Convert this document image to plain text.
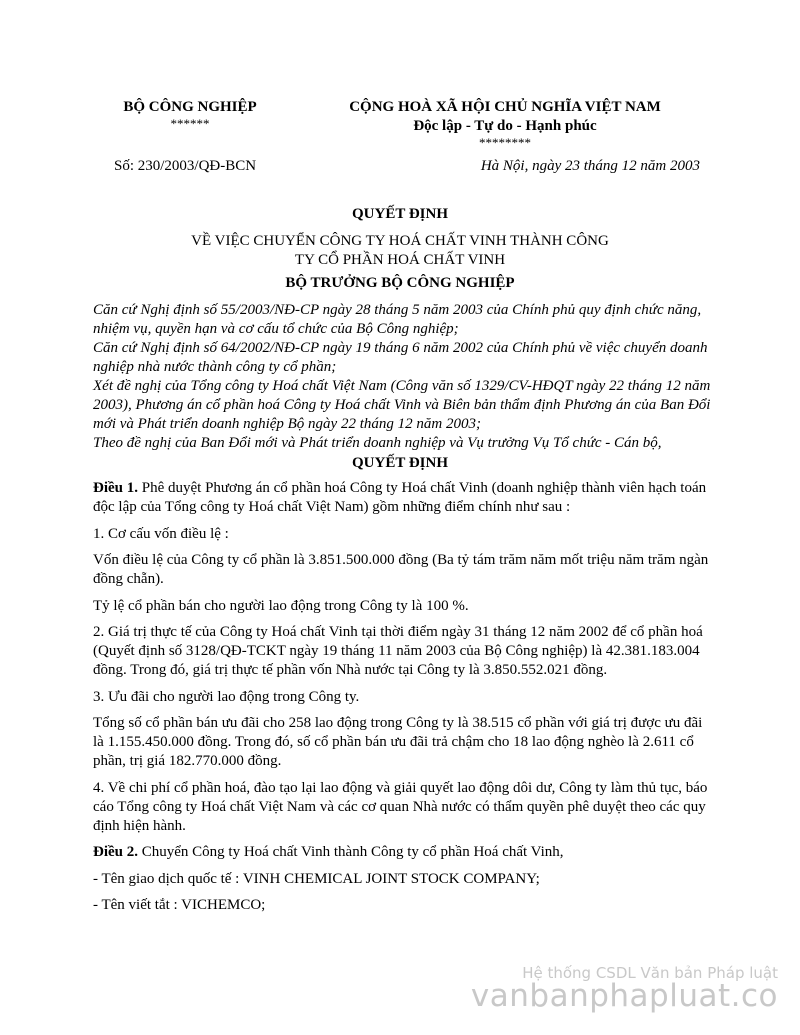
BỘ CÔNG NGHIỆP
******
CỘNG HOÀ XÃ HỘI CHỦ NGHĨA VIỆT NAM
Độc lập - Tự do - Hạnh phúc
********
Số: 230/2003/QĐ-BCN	Hà Nội, ngày 23 tháng 12 năm 2003
QUYẾT ĐỊNH
VỀ VIỆC CHUYỂN CÔNG TY HOÁ CHẤT VINH THÀNH CÔNG TY CỔ PHẦN HOÁ CHẤT VINH
BỘ TRƯỞNG BỘ CÔNG NGHIỆP
Căn cứ Nghị định số 55/2003/NĐ-CP ngày 28 tháng 5 năm 2003 của Chính phủ quy định chức năng, nhiệm vụ, quyền hạn và cơ cấu tổ chức của Bộ Công nghiệp;
Căn cứ Nghị định số 64/2002/NĐ-CP ngày 19 tháng 6 năm 2002 của Chính phủ về việc chuyển doanh nghiệp nhà nước thành công ty cổ phần;
Xét đề nghị của Tổng công ty Hoá chất Việt Nam (Công văn số 1329/CV-HĐQT ngày 22 tháng 12 năm 2003), Phương án cổ phần hoá Công ty Hoá chất Vinh và Biên bản thẩm định Phương án của Ban Đổi mới và Phát triển doanh nghiệp Bộ ngày 22 tháng 12 năm 2003;
Theo đề nghị của Ban Đổi mới và Phát triển doanh nghiệp và Vụ trưởng Vụ Tổ chức - Cán bộ,
QUYẾT ĐỊNH

Điều 1. Phê duyệt Phương án cổ phần hoá Công ty Hoá chất Vinh (doanh nghiệp thành viên hạch toán độc lập của Tổng công ty Hoá chất Việt Nam) gồm những điểm chính như sau :

1. Cơ cấu vốn điều lệ :

Vốn điều lệ của Công ty cổ phần là 3.851.500.000 đồng (Ba tỷ tám trăm năm mốt triệu năm trăm ngàn đồng chẵn).

Tỷ lệ cổ phần bán cho người lao động trong Công ty là 100 %.

2. Giá trị thực tế của Công ty Hoá chất Vinh tại thời điểm ngày 31 tháng 12 năm 2002 để cổ phần hoá (Quyết định số 3128/QĐ-TCKT ngày 19 tháng 11 năm 2003 của Bộ Công nghiệp) là 42.381.183.004 đồng. Trong đó, giá trị thực tế phần vốn Nhà nước tại Công ty là 3.850.552.021 đồng.

3. Ưu đãi cho người lao động trong Công ty.

Tổng số cổ phần bán ưu đãi cho 258 lao động trong Công ty là 38.515 cổ phần với giá trị được ưu đãi là 1.155.450.000 đồng. Trong đó, số cổ phần bán ưu đãi trả chậm cho 18 lao động nghèo là 2.611 cổ phần, trị giá 182.770.000 đồng.

4. Về chi phí cổ phần hoá, đào tạo lại lao động và giải quyết lao động dôi dư, Công ty làm thủ tục, báo cáo Tổng công ty Hoá chất Việt Nam và các cơ quan Nhà nước có thẩm quyền phê duyệt theo các quy định hiện hành.

Điều 2. Chuyển Công ty Hoá chất Vinh thành Công ty cổ phần Hoá chất Vinh,

- Tên giao dịch quốc tế : VINH CHEMICAL JOINT STOCK COMPANY;

- Tên viết tắt : VICHEMCO;

Hệ thống CSDL Văn bản Pháp luật
vanbanphapluat.co
